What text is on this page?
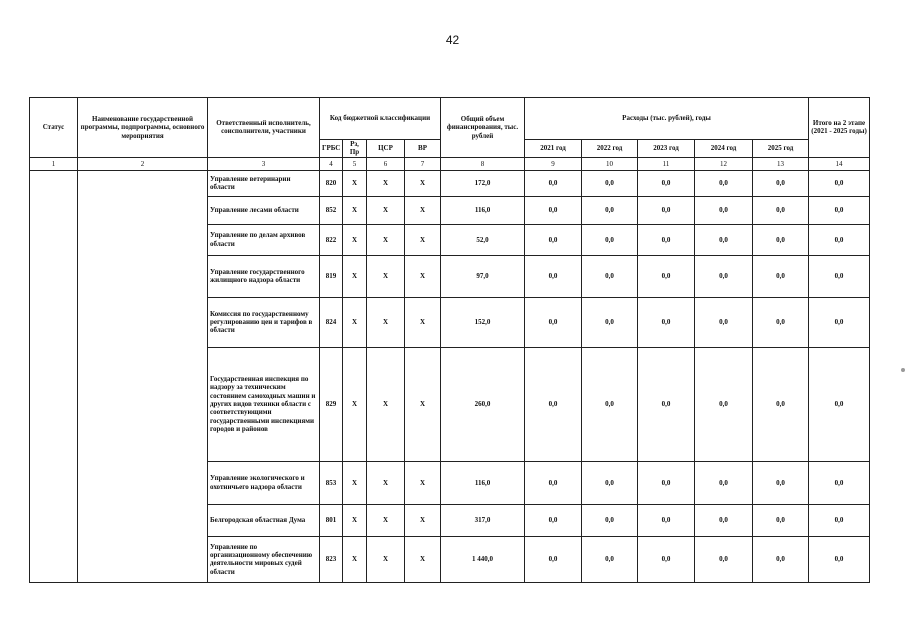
42
Статус	Наименование государственной программы, подпрограммы, основного мероприятия	Ответственный исполнитель, соисполнители, участники	Код бюджетной классификации				Общий объем финансирования, тыс. рублей	Расходы (тыс. рублей), годы					Итого на 2 этапе (2021 - 2025 годы)
			ГРБС	Рз, Пр	ЦСР	ВР		2021 год	2022 год	2023 год	2024 год	2025 год	
1	2	3	4	5	6	7	8	9	10	11	12	13	14
		Управление ветеринарии области	820	Х	Х	Х	172,0	0,0	0,0	0,0	0,0	0,0	0,0
		Управление лесами области	852	Х	Х	Х	116,0	0,0	0,0	0,0	0,0	0,0	0,0
		Управление по делам архивов области	822	Х	Х	Х	52,0	0,0	0,0	0,0	0,0	0,0	0,0
		Управление государственного жилищного надзора области	819	Х	Х	Х	97,0	0,0	0,0	0,0	0,0	0,0	0,0
		Комиссия по государственному регулированию цен и тарифов в области	824	Х	Х	Х	152,0	0,0	0,0	0,0	0,0	0,0	0,0
		Государственная инспекция по надзору за техническим состоянием самоходных машин и других видов техники области с соответствующими государственными инспекциями городов и районов	829	Х	Х	Х	260,0	0,0	0,0	0,0	0,0	0,0	0,0
		Управление экологического и охотничьего надзора области	853	Х	Х	Х	116,0	0,0	0,0	0,0	0,0	0,0	0,0
		Белгородская областная Дума	801	Х	Х	Х	317,0	0,0	0,0	0,0	0,0	0,0	0,0
		Управление по организационному обеспечению деятельности мировых судей области	823	Х	Х	Х	1 440,0	0,0	0,0	0,0	0,0	0,0	0,0
